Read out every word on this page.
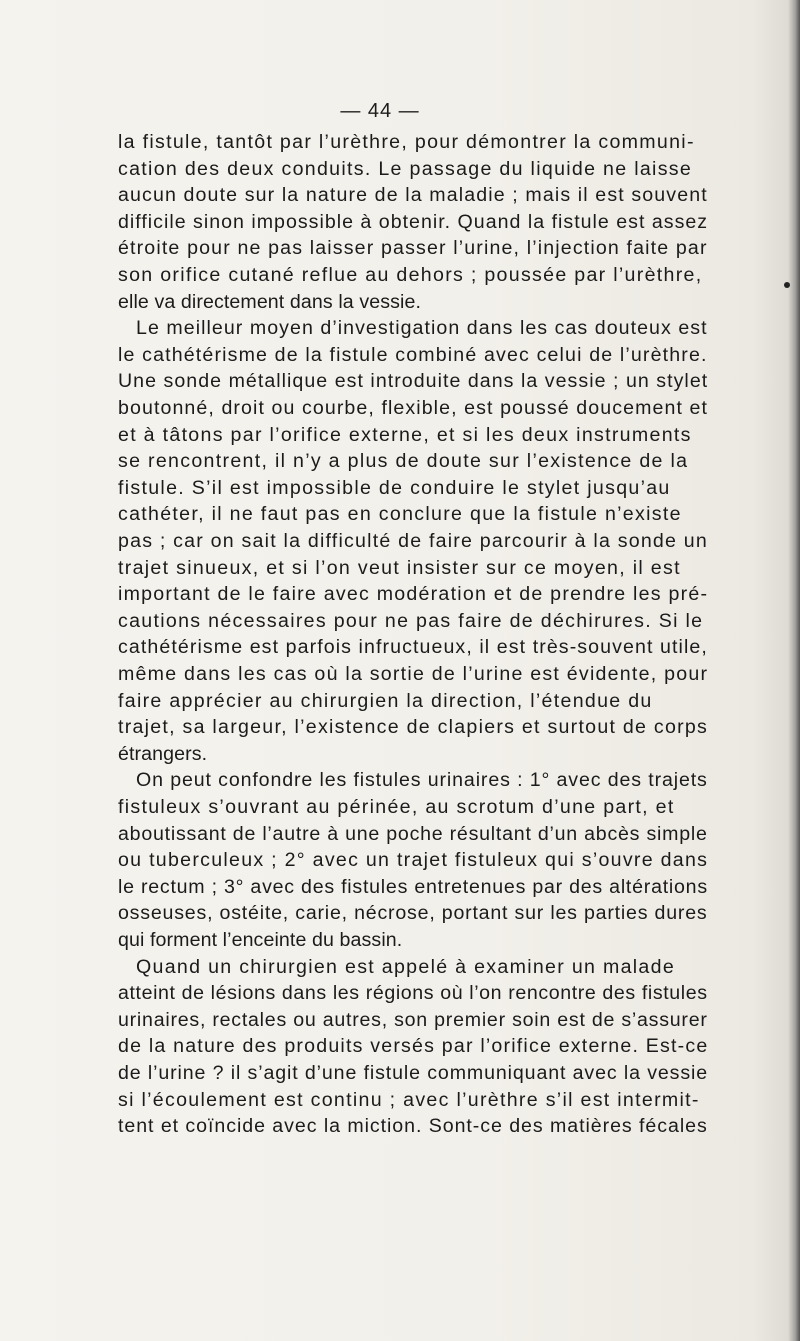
— 44 —
la fistule, tantôt par l’urèthre, pour démontrer la communi-
cation des deux conduits. Le passage du liquide ne laisse
aucun doute sur la nature de la maladie ; mais il est souvent
difficile sinon impossible à obtenir. Quand la fistule est assez
étroite pour ne pas laisser passer l’urine, l’injection faite par
son orifice cutané reflue au dehors ; poussée par l’urèthre,
elle va directement dans la vessie.
Le meilleur moyen d’investigation dans les cas douteux est
le cathétérisme de la fistule combiné avec celui de l’urèthre.
Une sonde métallique est introduite dans la vessie ; un stylet
boutonné, droit ou courbe, flexible, est poussé doucement et
et à tâtons par l’orifice externe, et si les deux instruments
se rencontrent, il n’y a plus de doute sur l’existence de la
fistule. S’il est impossible de conduire le stylet jusqu’au
cathéter, il ne faut pas en conclure que la fistule n’existe
pas ; car on sait la difficulté de faire parcourir à la sonde un
trajet sinueux, et si l’on veut insister sur ce moyen, il est
important de le faire avec modération et de prendre les pré-
cautions nécessaires pour ne pas faire de déchirures. Si le
cathétérisme est parfois infructueux, il est très-souvent utile,
même dans les cas où la sortie de l’urine est évidente, pour
faire apprécier au chirurgien la direction, l’étendue du
trajet, sa largeur, l’existence de clapiers et surtout de corps
étrangers.
On peut confondre les fistules urinaires : 1° avec des trajets
fistuleux s’ouvrant au périnée, au scrotum d’une part, et
aboutissant de l’autre à une poche résultant d’un abcès simple
ou tuberculeux ; 2° avec un trajet fistuleux qui s’ouvre dans
le rectum ; 3° avec des fistules entretenues par des altérations
osseuses, ostéite, carie, nécrose, portant sur les parties dures
qui forment l’enceinte du bassin.
Quand un chirurgien est appelé à examiner un malade
atteint de lésions dans les régions où l’on rencontre des fistules
urinaires, rectales ou autres, son premier soin est de s’assurer
de la nature des produits versés par l’orifice externe. Est-ce
de l’urine ? il s’agit d’une fistule communiquant avec la vessie
si l’écoulement est continu ; avec l’urèthre s’il est intermit-
tent et coïncide avec la miction. Sont-ce des matières fécales
